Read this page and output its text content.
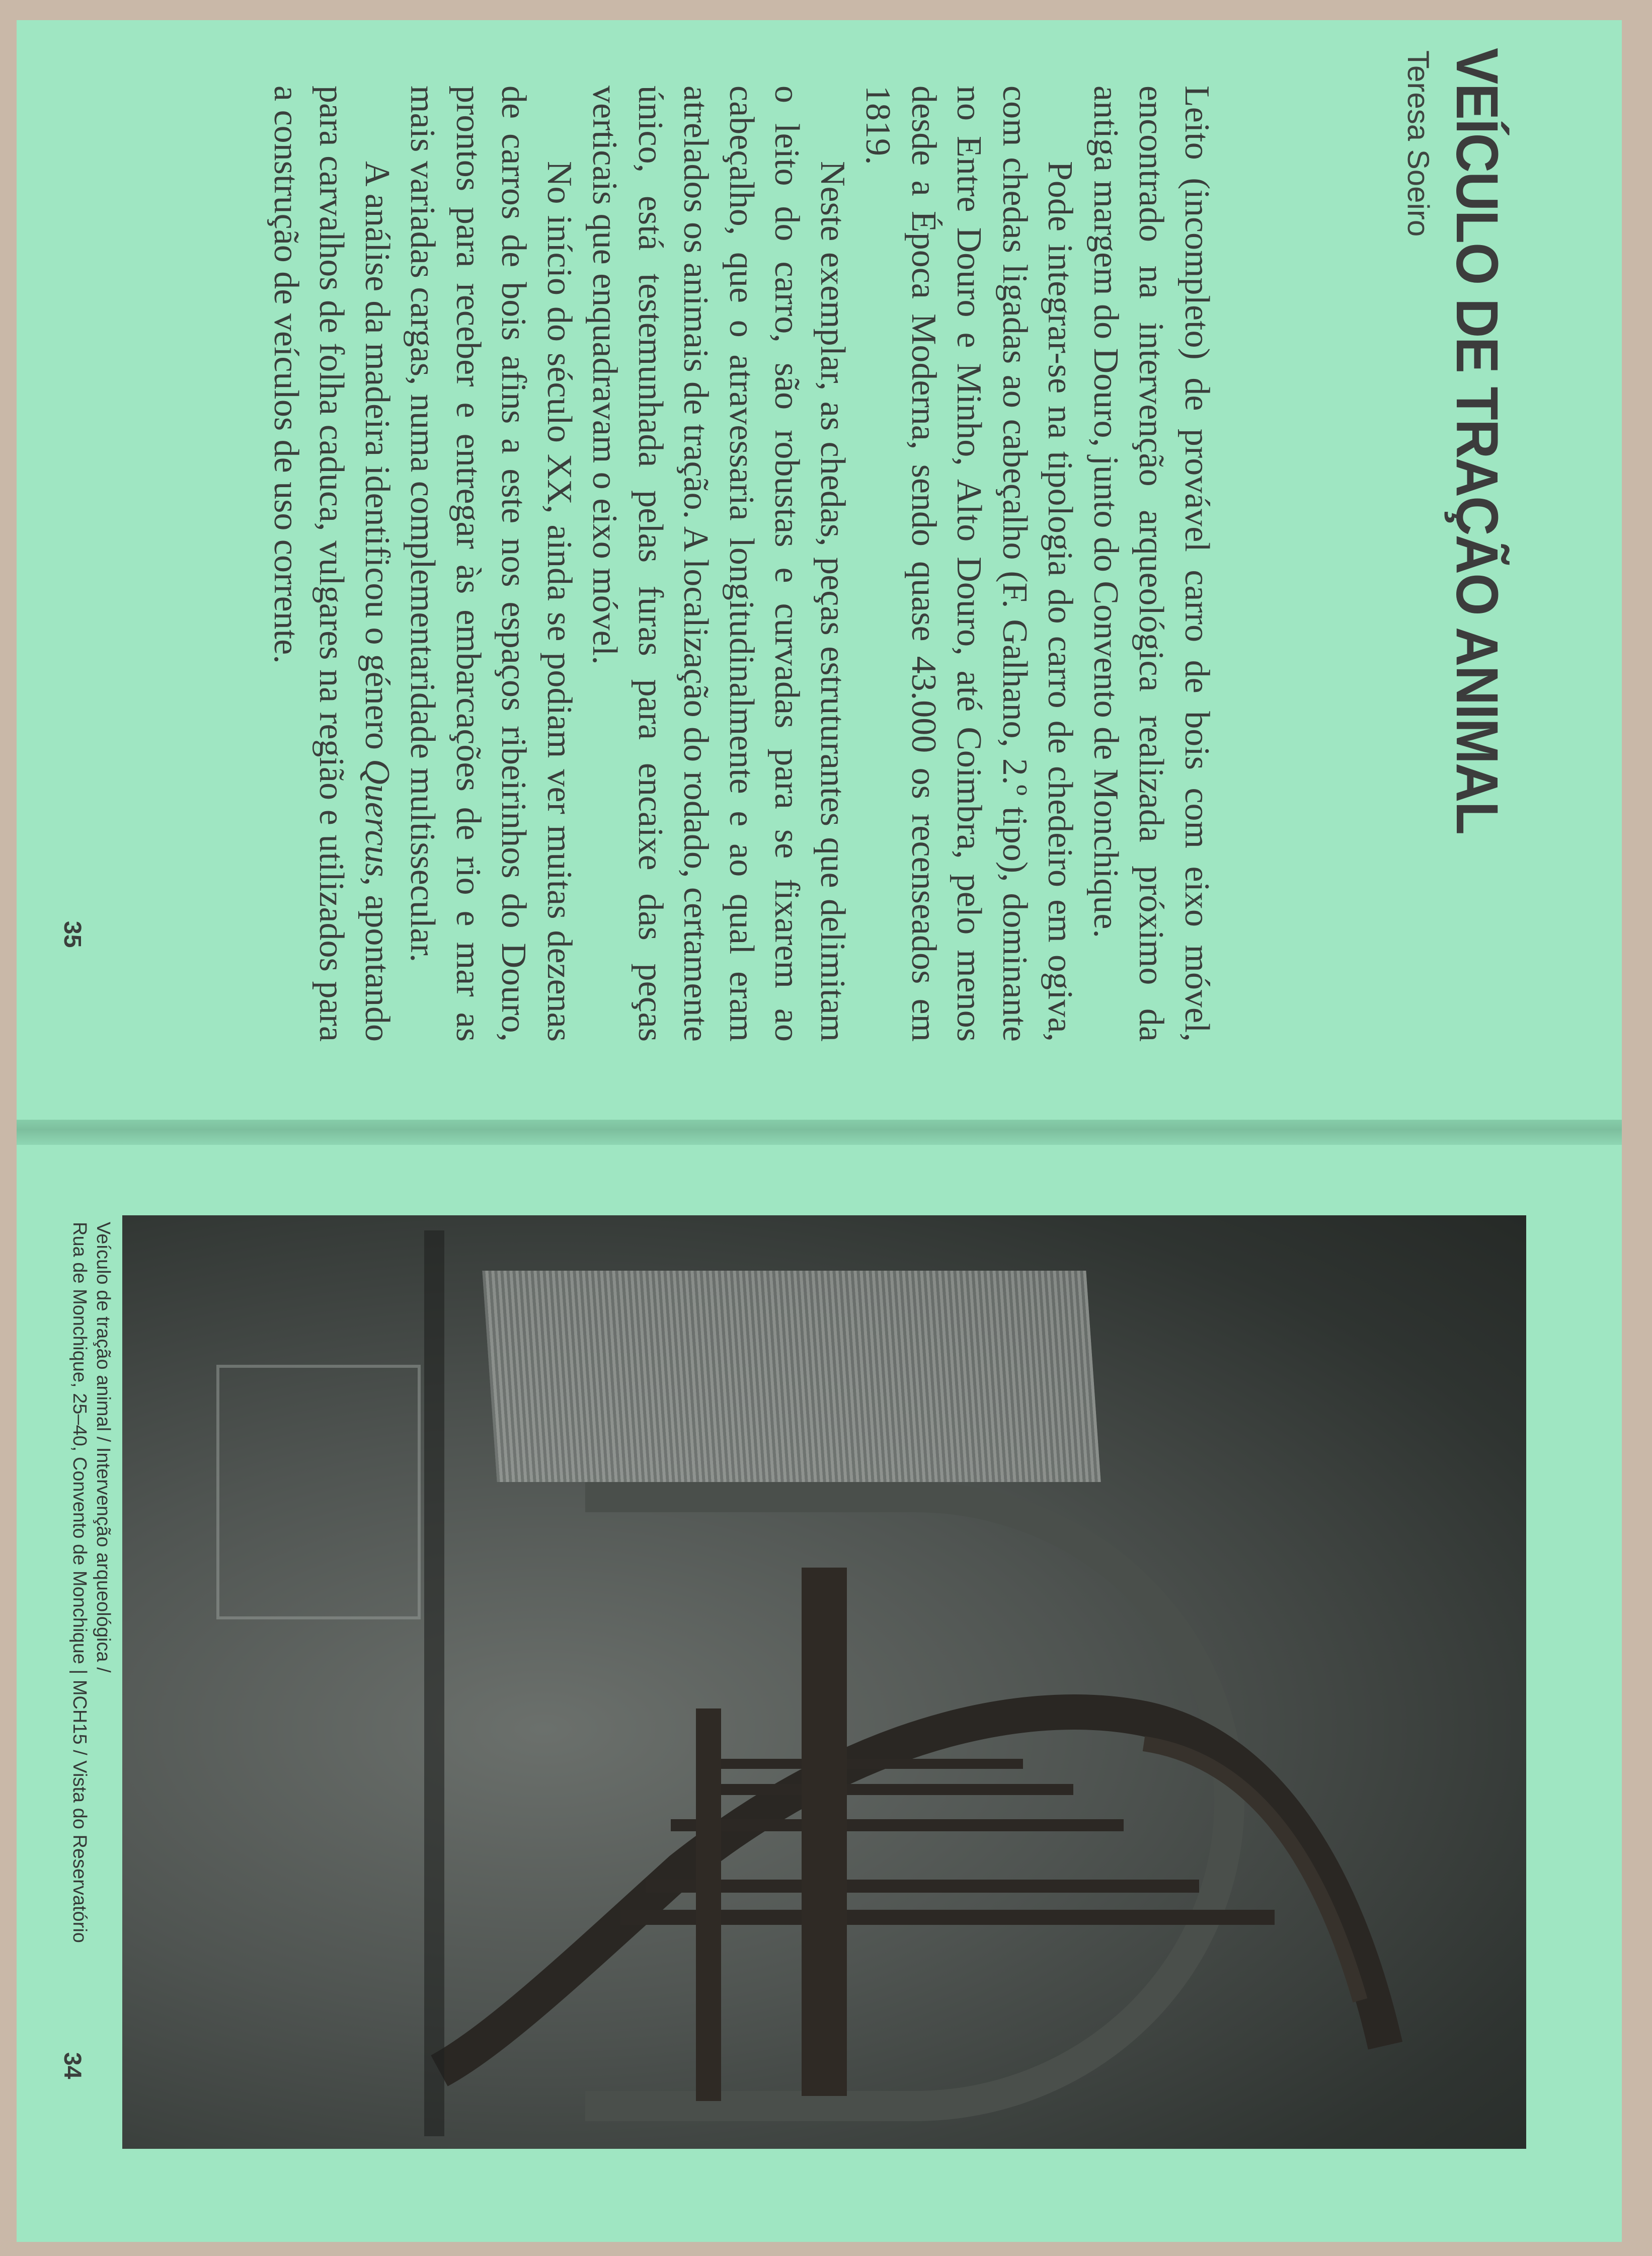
VEÍCULO DE TRAÇÃO ANIMAL
Teresa Soeiro

Leito (incompleto) de provável carro de bois com eixo móvel, encontrado na intervenção arqueológica realizada próximo da antiga margem do Douro, junto do Convento de Monchique.

Pode integrar-se na tipologia do carro de chedeiro em ogiva, com chedas ligadas ao cabeçalho (F. Galhano, 2.º tipo), dominante no Entre Douro e Minho, Alto Douro, até Coimbra, pelo menos desde a Época Moderna, sendo quase 43.000 os recenseados em 1819.

Neste exemplar, as chedas, peças estruturantes que delimitam o leito do carro, são robustas e curvadas para se fixarem ao cabeçalho, que o atravessaria longitudinalmente e ao qual eram atrelados os animais de tração. A localização do rodado, certamente único, está testemunhada pelas furas para encaixe das peças verticais que enquadravam o eixo móvel.

No início do século XX, ainda se podiam ver muitas dezenas de carros de bois afins a este nos espaços ribeirinhos do Douro, prontos para receber e entregar às embarcações de rio e mar as mais variadas cargas, numa complementaridade multissecular.

A análise da madeira identificou o género Quercus, apontando para carvalhos de folha caduca, vulgares na região e utilizados para a construção de veículos de uso corrente.

35
34
Veículo de tração animal / Intervenção arqueológica /
Rua de Monchique, 25–40, Convento de Monchique | MCH15 / Vista do Reservatório
